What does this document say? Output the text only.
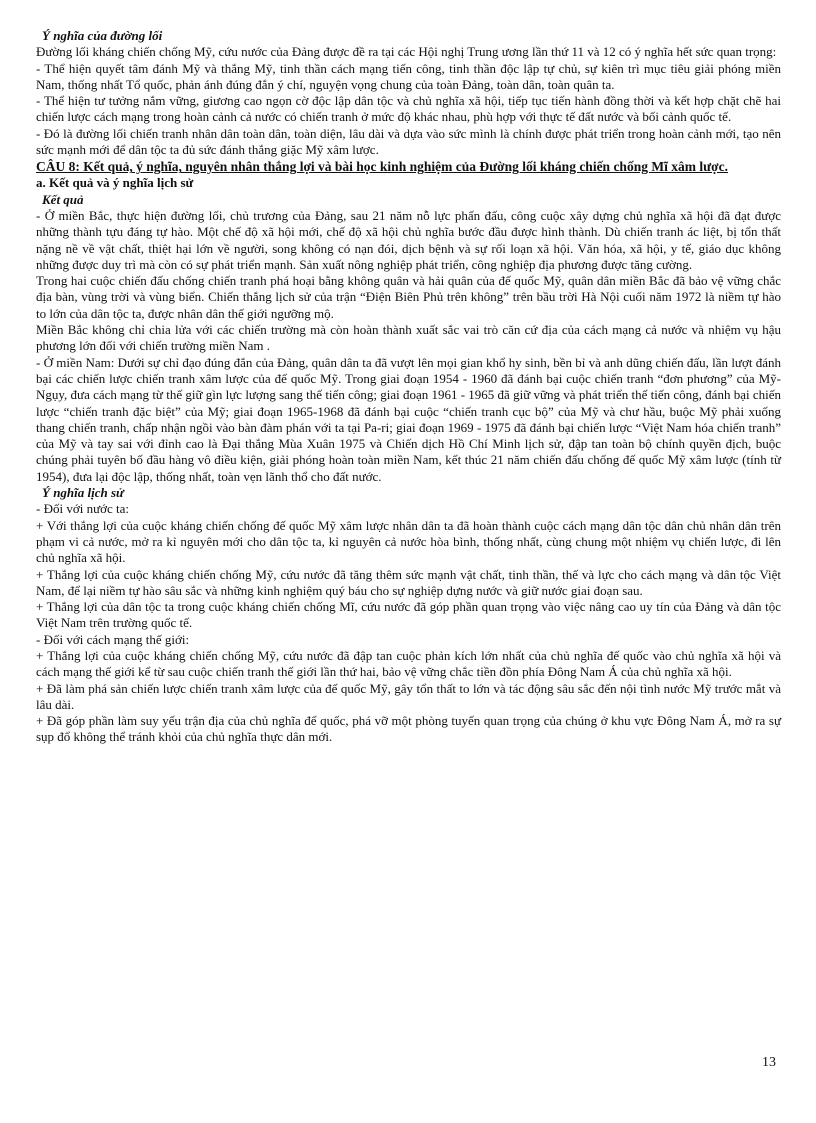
Ý nghĩa của đường lối

Đường lối kháng chiến chống Mỹ, cứu nước của Đảng được đề ra tại các Hội nghị Trung ương lần thứ 11 và 12 có ý nghĩa hết sức quan trọng:

- Thể hiện quyết tâm đánh Mỹ và thắng Mỹ, tinh thần cách mạng tiến công, tinh thần độc lập tự chủ, sự kiên trì mục tiêu giải phóng miền Nam, thống nhất Tổ quốc, phản ánh đúng đắn ý chí, nguyện vọng chung của toàn Đảng, toàn dân, toàn quân ta.

- Thể hiện tư tưởng nắm vững, giương cao ngọn cờ độc lập dân tộc và chủ nghĩa xã hội, tiếp tục tiến hành đồng thời và kết hợp chặt chẽ hai chiến lược cách mạng trong hoàn cảnh cả nước có chiến tranh ở mức độ khác nhau, phù hợp với thực tế đất nước và bối cảnh quốc tế.

- Đó là đường lối chiến tranh nhân dân toàn dân, toàn diện, lâu dài và dựa vào sức mình là chính được phát triển trong hoàn cảnh mới, tạo nên sức mạnh mới để dân tộc ta đủ sức đánh thắng giặc Mỹ xâm lược.

CÂU 8: Kết quả, ý nghĩa, nguyên nhân thắng lợi và bài học kinh nghiệm của Đường lối kháng chiến chống Mĩ xâm lược.

a. Kết quả và ý nghĩa lịch sử

Kết quả

- Ở miền Bắc, thực hiện đường lối, chủ trương của Đảng, sau 21 năm nỗ lực phấn đấu, công cuộc xây dựng chủ nghĩa xã hội đã đạt được những thành tựu đáng tự hào. Một chế độ xã hội mới, chế độ xã hội chủ nghĩa bước đầu được hình thành. Dù chiến tranh ác liệt, bị tổn thất nặng nề về vật chất, thiệt hại lớn về người, song không có nạn đói, dịch bệnh và sự rối loạn xã hội. Văn hóa, xã hội, y tế, giáo dục không những được duy trì mà còn có sự phát triển mạnh. Sản xuất nông nghiệp phát triển, công nghiệp địa phương được tăng cường.

Trong hai cuộc chiến đấu chống chiến tranh phá hoại bằng không quân và hải quân của đế quốc Mỹ, quân dân miền Bắc đã bảo vệ vững chắc địa bàn, vùng trời và vùng biển. Chiến thắng lịch sử của trận “Điện Biên Phủ trên không” trên bầu trời Hà Nội cuối năm 1972 là niềm tự hào to lớn của dân tộc ta, được nhân dân thế giới ngưỡng mộ.

Miền Bắc không chỉ chia lửa với các chiến trường mà còn hoàn thành xuất sắc vai trò căn cứ địa của cách mạng cả nước và nhiệm vụ hậu phương lớn đối với chiến trường miền Nam .

- Ở miền Nam: Dưới sự chỉ đạo đúng đắn của Đảng, quân dân ta đã vượt lên mọi gian khổ hy sinh, bền bỉ và anh dũng chiến đấu, lần lượt đánh bại các chiến lược chiến tranh xâm lược của đế quốc Mỹ. Trong giai đoạn 1954 - 1960 đã đánh bại cuộc chiến tranh “đơn phương” của Mỹ- Ngụy, đưa cách mạng từ thế giữ gìn lực lượng sang thế tiến công; giai đoạn 1961 - 1965 đã giữ vững và phát triển thế tiến công, đánh bại chiến lược “chiến tranh đặc biệt” của Mỹ; giai đoạn 1965-1968 đã đánh bại cuộc “chiến tranh cục bộ” của Mỹ và chư hầu, buộc Mỹ phải xuống thang chiến tranh, chấp nhận ngồi vào bàn đàm phán với ta tại Pa-ri; giai đoạn 1969 - 1975 đã đánh bại chiến lược “Việt Nam hóa chiến tranh” của Mỹ và tay sai với đỉnh cao là Đại thắng Mùa Xuân 1975 và Chiến dịch Hồ Chí Minh lịch sử, đập tan toàn bộ chính quyền địch, buộc chúng phải tuyên bố đầu hàng vô điều kiện, giải phóng hoàn toàn miền Nam, kết thúc 21 năm chiến đấu chống đế quốc Mỹ xâm lược (tính từ 1954), đưa lại độc lập, thống nhất, toàn vẹn lãnh thổ cho đất nước.

Ý nghĩa lịch sử

- Đối với nước ta:

+ Với thắng lợi của cuộc kháng chiến chống đế quốc Mỹ xâm lược nhân dân ta đã hoàn thành cuộc cách mạng dân tộc dân chủ nhân dân trên phạm vi cả nước, mở ra kỉ nguyên mới cho dân tộc ta, kỉ nguyên cả nước hòa bình, thống nhất, cùng chung một nhiệm vụ chiến lược, đi lên chủ nghĩa xã hội.

+ Thắng lợi của cuộc kháng chiến chống Mỹ, cứu nước đã tăng thêm sức mạnh vật chất, tinh thần, thế và lực cho cách mạng và dân tộc Việt Nam, để lại niềm tự hào sâu sắc và những kinh nghiệm quý báu cho sự nghiệp dựng nước và giữ nước giai đoạn sau.

+ Thắng lợi của dân tộc ta trong cuộc kháng chiến chống Mĩ, cứu nước đã góp phần quan trọng vào việc nâng cao uy tín của Đảng và dân tộc Việt Nam trên trường quốc tế.

- Đối với cách mạng thế giới:

+ Thắng lợi của cuộc kháng chiến chống Mỹ, cứu nước đã đập tan cuộc phản kích lớn nhất của chủ nghĩa đế quốc vào chủ nghĩa xã hội và cách mạng thế giới kể từ sau cuộc chiến tranh thế giới lần thứ hai, bảo vệ vững chắc tiền đồn phía Đông Nam Á của chủ nghĩa xã hội.

+ Đã làm phá sản chiến lược chiến tranh xâm lược của đế quốc Mỹ, gây tổn thất to lớn và tác động sâu sắc đến nội tình nước Mỹ trước mắt và lâu dài.

+ Đã góp phần làm suy yếu trận địa của chủ nghĩa đế quốc, phá vỡ một phòng tuyến quan trọng của chúng ở khu vực Đông Nam Á, mở ra sự sụp đổ không thể tránh khỏi của chủ nghĩa thực dân mới.

13
